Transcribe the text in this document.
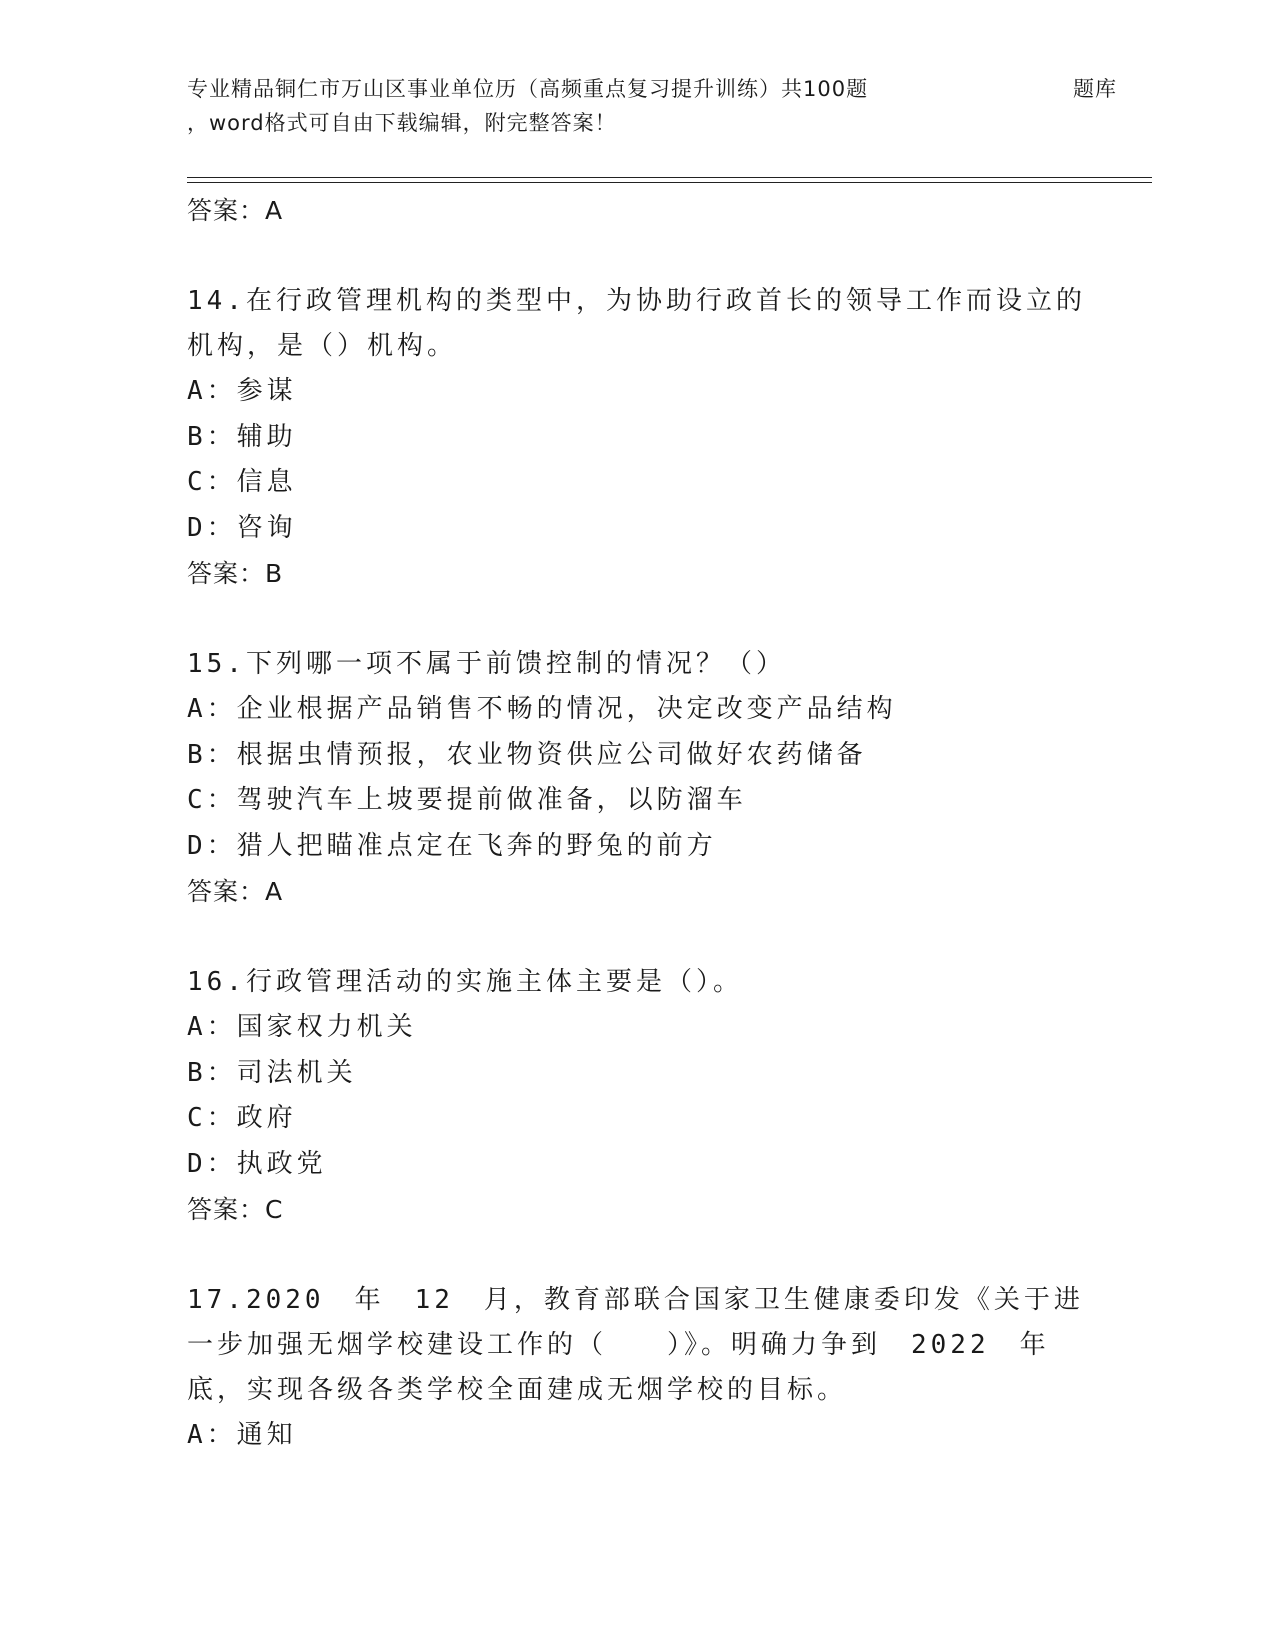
专业精品铜仁市万山区事业单位历（高频重点复习提升训练）共100题	题库
，word格式可自由下载编辑，附完整答案！

答案：A

14.在行政管理机构的类型中，为协助行政首长的领导工作而设立的机构，是（）机构。

A：参谋

B：辅助

C：信息

D：咨询

答案：B

15.下列哪一项不属于前馈控制的情况？（）

A：企业根据产品销售不畅的情况，决定改变产品结构

B：根据虫情预报，农业物资供应公司做好农药储备

C：驾驶汽车上坡要提前做准备，以防溜车

D：猎人把瞄准点定在飞奔的野兔的前方

答案：A

16.行政管理活动的实施主体主要是（）。

A：国家权力机关

B：司法机关

C：政府

D：执政党

答案：C

17.2020　年　12　月，教育部联合国家卫生健康委印发《关于进一步加强无烟学校建设工作的（　　）》。明确力争到　2022　年底，实现各级各类学校全面建成无烟学校的目标。

A：通知
